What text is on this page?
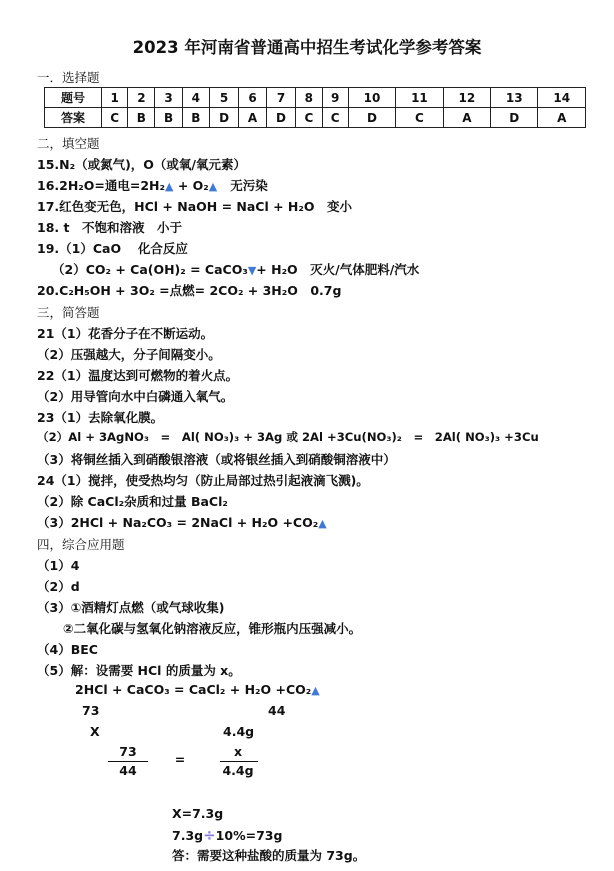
2023 年河南省普通高中招生考试化学参考答案
一．选择题
题号	1	2	3	4	5	6	7	8	9	10	11	12	13	14
答案	C	B	B	B	D	A	D	C	C	D	C	A	D	A
二，填空题
15.N₂（或氮气)，O（或氧/氧元素）
16.2H₂O=通电=2H₂▲ + O₂▲ 无污染
17.红色变无色，HCl + NaOH = NaCl + H₂O　变小
18. t　不饱和溶液　小于
19.（1）CaO　 化合反应
（2）CO₂ + Ca(OH)₂ = CaCO₃▼+ H₂O　灭火/气体肥料/汽水
20.C₂H₅OH + 3O₂ =点燃= 2CO₂ + 3H₂O　0.7g
三，简答题
21（1）花香分子在不断运动。
（2）压强越大，分子间隔变小。
22（1）温度达到可燃物的着火点。
（2）用导管向水中白磷通入氧气。
23（1）去除氧化膜。
（2）Al + 3AgNO₃　=　Al( NO₃)₃ + 3Ag 或 2Al +3Cu(NO₃)₂　=　2Al( NO₃)₃ +3Cu
（3）将铜丝插入到硝酸银溶液（或将银丝插入到硝酸铜溶液中）
24（1）搅拌，使受热均匀（防止局部过热引起液滴飞溅)。
（2）除 CaCl₂杂质和过量 BaCl₂
（3）2HCl + Na₂CO₃ = 2NaCl + H₂O +CO₂▲
四，综合应用题
（1）4
（2）d
（3）①酒精灯点燃（或气球收集)
②二氧化碳与氢氧化钠溶液反应，锥形瓶内压强减小。
（4）BEC
（5）解：设需要 HCl 的质量为 x。
2HCl + CaCO₃ = CaCl₂ + H₂O +CO₂▲
73	44
X	4.4g
73
44
=
x
4.4g
X=7.3g
7.3g÷10%=73g
答：需要这种盐酸的质量为 73g。
